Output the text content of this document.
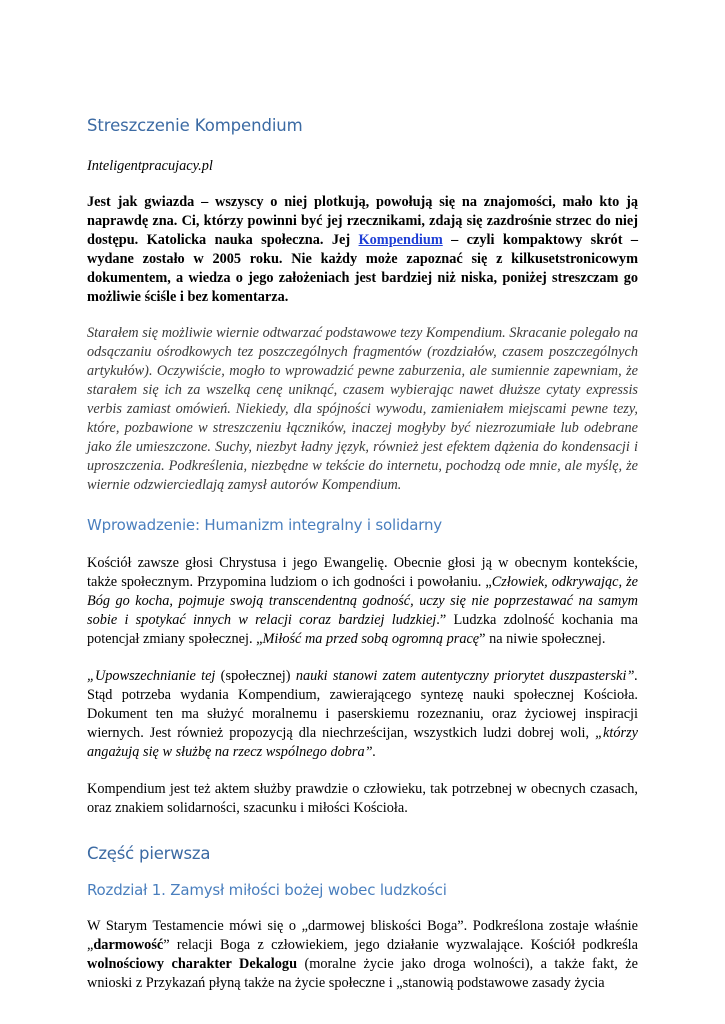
Streszczenie Kompendium

Inteligentpracujacy.pl

Jest jak gwiazda – wszyscy o niej plotkują, powołują się na znajomości, mało kto ją naprawdę zna. Ci, którzy powinni być jej rzecznikami, zdają się zazdrośnie strzec do niej dostępu. Katolicka nauka społeczna. Jej Kompendium – czyli kompaktowy skrót – wydane zostało w 2005 roku. Nie każdy może zapoznać się z kilkusetstronicowym dokumentem, a wiedza o jego założeniach jest bardziej niż niska, poniżej streszczam go możliwie ściśle i bez komentarza.

Starałem się możliwie wiernie odtwarzać podstawowe tezy Kompendium. Skracanie polegało na odsączaniu ośrodkowych tez poszczególnych fragmentów (rozdziałów, czasem poszczególnych artykułów). Oczywiście, mogło to wprowadzić pewne zaburzenia, ale sumiennie zapewniam, że starałem się ich za wszelką cenę uniknąć, czasem wybierając nawet dłuższe cytaty expressis verbis zamiast omówień. Niekiedy, dla spójności wywodu, zamieniałem miejscami pewne tezy, które, pozbawione w streszczeniu łączników, inaczej mogłyby być niezrozumiałe lub odebrane jako źle umieszczone. Suchy, niezbyt ładny język, również jest efektem dążenia do kondensacji i uproszczenia. Podkreślenia, niezbędne w tekście do internetu, pochodzą ode mnie, ale myślę, że wiernie odzwierciedlają zamysł autorów Kompendium.

Wprowadzenie: Humanizm integralny i solidarny

Kościół zawsze głosi Chrystusa i jego Ewangelię. Obecnie głosi ją w obecnym kontekście, także społecznym. Przypomina ludziom o ich godności i powołaniu. „Człowiek, odkrywając, że Bóg go kocha, pojmuje swoją transcendentną godność, uczy się nie poprzestawać na samym sobie i spotykać innych w relacji coraz bardziej ludzkiej.” Ludzka zdolność kochania ma potencjał zmiany społecznej. „Miłość ma przed sobą ogromną pracę” na niwie społecznej.

„Upowszechnianie tej (społecznej) nauki stanowi zatem autentyczny priorytet duszpasterski”. Stąd potrzeba wydania Kompendium, zawierającego syntezę nauki społecznej Kościoła. Dokument ten ma służyć moralnemu i paserskiemu rozeznaniu, oraz życiowej inspiracji wiernych. Jest również propozycją dla niechrześcijan, wszystkich ludzi dobrej woli, „którzy angażują się w służbę na rzecz wspólnego dobra”.

Kompendium jest też aktem służby prawdzie o człowieku, tak potrzebnej w obecnych czasach, oraz znakiem solidarności, szacunku i miłości Kościoła.

Część pierwsza
Rozdział 1. Zamysł miłości bożej wobec ludzkości

W Starym Testamencie mówi się o „darmowej bliskości Boga”. Podkreślona zostaje właśnie „darmowość” relacji Boga z człowiekiem, jego działanie wyzwalające. Kościół podkreśla wolnościowy charakter Dekalogu (moralne życie jako droga wolności), a także fakt, że wnioski z Przykazań płyną także na życie społeczne i „stanowią podstawowe zasady życia
